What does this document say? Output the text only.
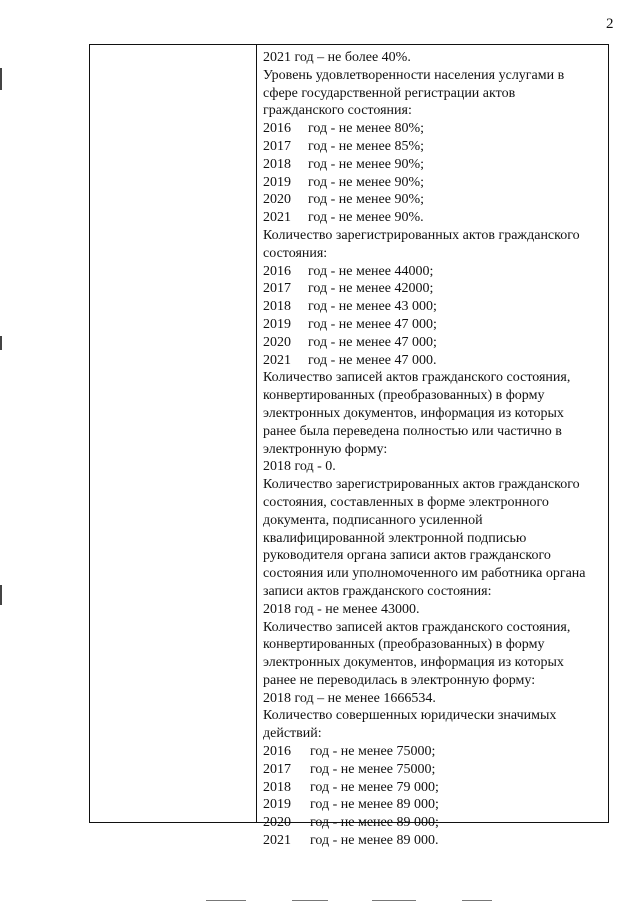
2
2021 год – не более 40%.
Уровень удовлетворенности населения услугами в
сфере государственной регистрации актов
гражданского состояния:
2016 год - не менее 80%;
2017 год - не менее 85%;
2018 год - не менее 90%;
2019 год - не менее 90%;
2020 год - не менее 90%;
2021 год - не менее 90%.
Количество зарегистрированных актов гражданского
состояния:
2016 год - не менее 44000;
2017 год - не менее 42000;
2018 год - не менее 43 000;
2019 год - не менее 47 000;
2020 год - не менее 47 000;
2021 год - не менее 47 000.
Количество записей актов гражданского состояния,
конвертированных (преобразованных) в форму
электронных документов, информация из которых
ранее была переведена полностью или частично в
электронную форму:
2018 год - 0.
Количество зарегистрированных актов гражданского
состояния, составленных в форме электронного
документа, подписанного усиленной
квалифицированной электронной подписью
руководителя органа записи актов гражданского
состояния или уполномоченного им работника органа
записи актов гражданского состояния:
2018 год - не менее 43000.
Количество записей актов гражданского состояния,
конвертированных (преобразованных) в форму
электронных документов, информация из которых
ранее не переводилась в электронную форму:
2018 год – не менее 1666534.
Количество совершенных юридически значимых
действий:
2016 год - не менее 75000;
2017 год - не менее 75000;
2018 год - не менее 79 000;
2019 год - не менее 89 000;
2020 год - не менее 89 000;
2021 год - не менее 89 000.
